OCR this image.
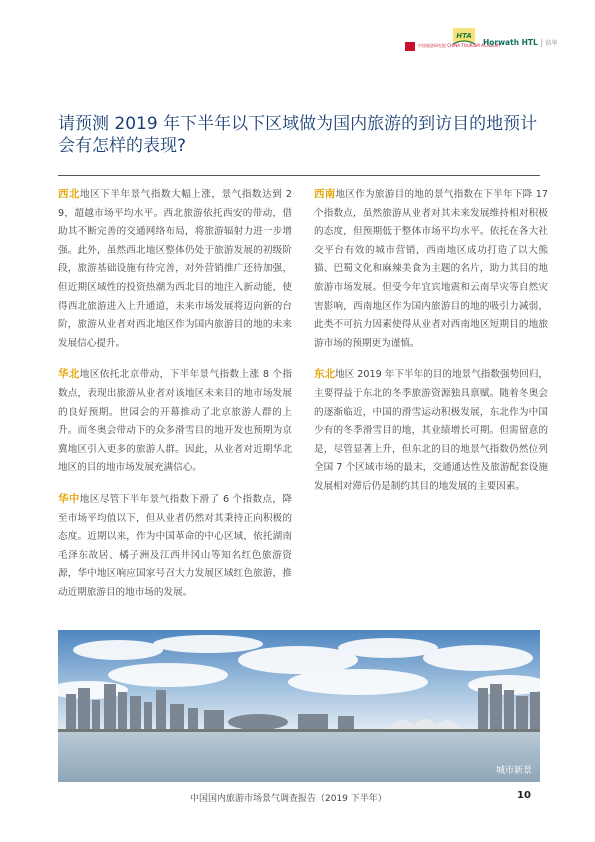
中国旅游研究院 CHINA TOURISM ACADEMY
HTA
Horwath HTL | 浩华
请预测 2019 年下半年以下区域做为国内旅游的到访目的地预计会有怎样的表现?

西北地区下半年景气指数大幅上涨，景气指数达到 29，超越市场平均水平。西北旅游依托西安的带动，借助其不断完善的交通网络布局，将旅游辐射力进一步增强。此外，虽然西北地区整体仍处于旅游发展的初级阶段，旅游基础设施有待完善，对外营销推广还待加强，但近期区域性的投资热潮为西北目的地注入新动能，使得西北旅游进入上升通道，未来市场发展将迈向新的台阶，旅游从业者对西北地区作为国内旅游目的地的未来发展信心提升。

华北地区依托北京带动，下半年景气指数上涨 8 个指数点，表现出旅游从业者对该地区未来目的地市场发展的良好预期。世园会的开幕推动了北京旅游人群的上升。而冬奥会带动下的众多滑雪目的地开发也预期为京冀地区引入更多的旅游人群。因此，从业者对近期华北地区的目的地市场发展充满信心。

华中地区尽管下半年景气指数下滑了 6 个指数点，降至市场平均值以下，但从业者仍然对其秉持正向积极的态度。近期以来，作为中国革命的中心区域，依托湖南毛泽东故居、橘子洲及江西井冈山等知名红色旅游资源，华中地区响应国家号召大力发展区域红色旅游，推动近期旅游目的地市场的发展。

西南地区作为旅游目的地的景气指数在下半年下降 17 个指数点，虽然旅游从业者对其未来发展维持相对积极的态度，但预期低于整体市场平均水平。依托在各大社交平台有效的城市营销，西南地区成功打造了以大熊猫、巴蜀文化和麻辣美食为主题的名片，助力其目的地旅游市场发展。但受今年宜宾地震和云南旱灾等自然灾害影响，西南地区作为国内旅游目的地的吸引力减弱，此类不可抗力因素使得从业者对西南地区短期目的地旅游市场的预期更为谨慎。

东北地区 2019 年下半年的目的地景气指数强势回归，主要得益于东北的冬季旅游资源独具禀赋。随着冬奥会的逐渐临近，中国的滑雪运动积极发展，东北作为中国少有的冬季滑雪目的地，其业绩增长可期。但需留意的是，尽管显著上升，但东北的目的地景气指数仍然位列全国 7 个区域市场的最末，交通通达性及旅游配套设施发展相对滞后仍是制约其目的地发展的主要因素。

城市新景
中国国内旅游市场景气调查报告（2019 下半年）	10
